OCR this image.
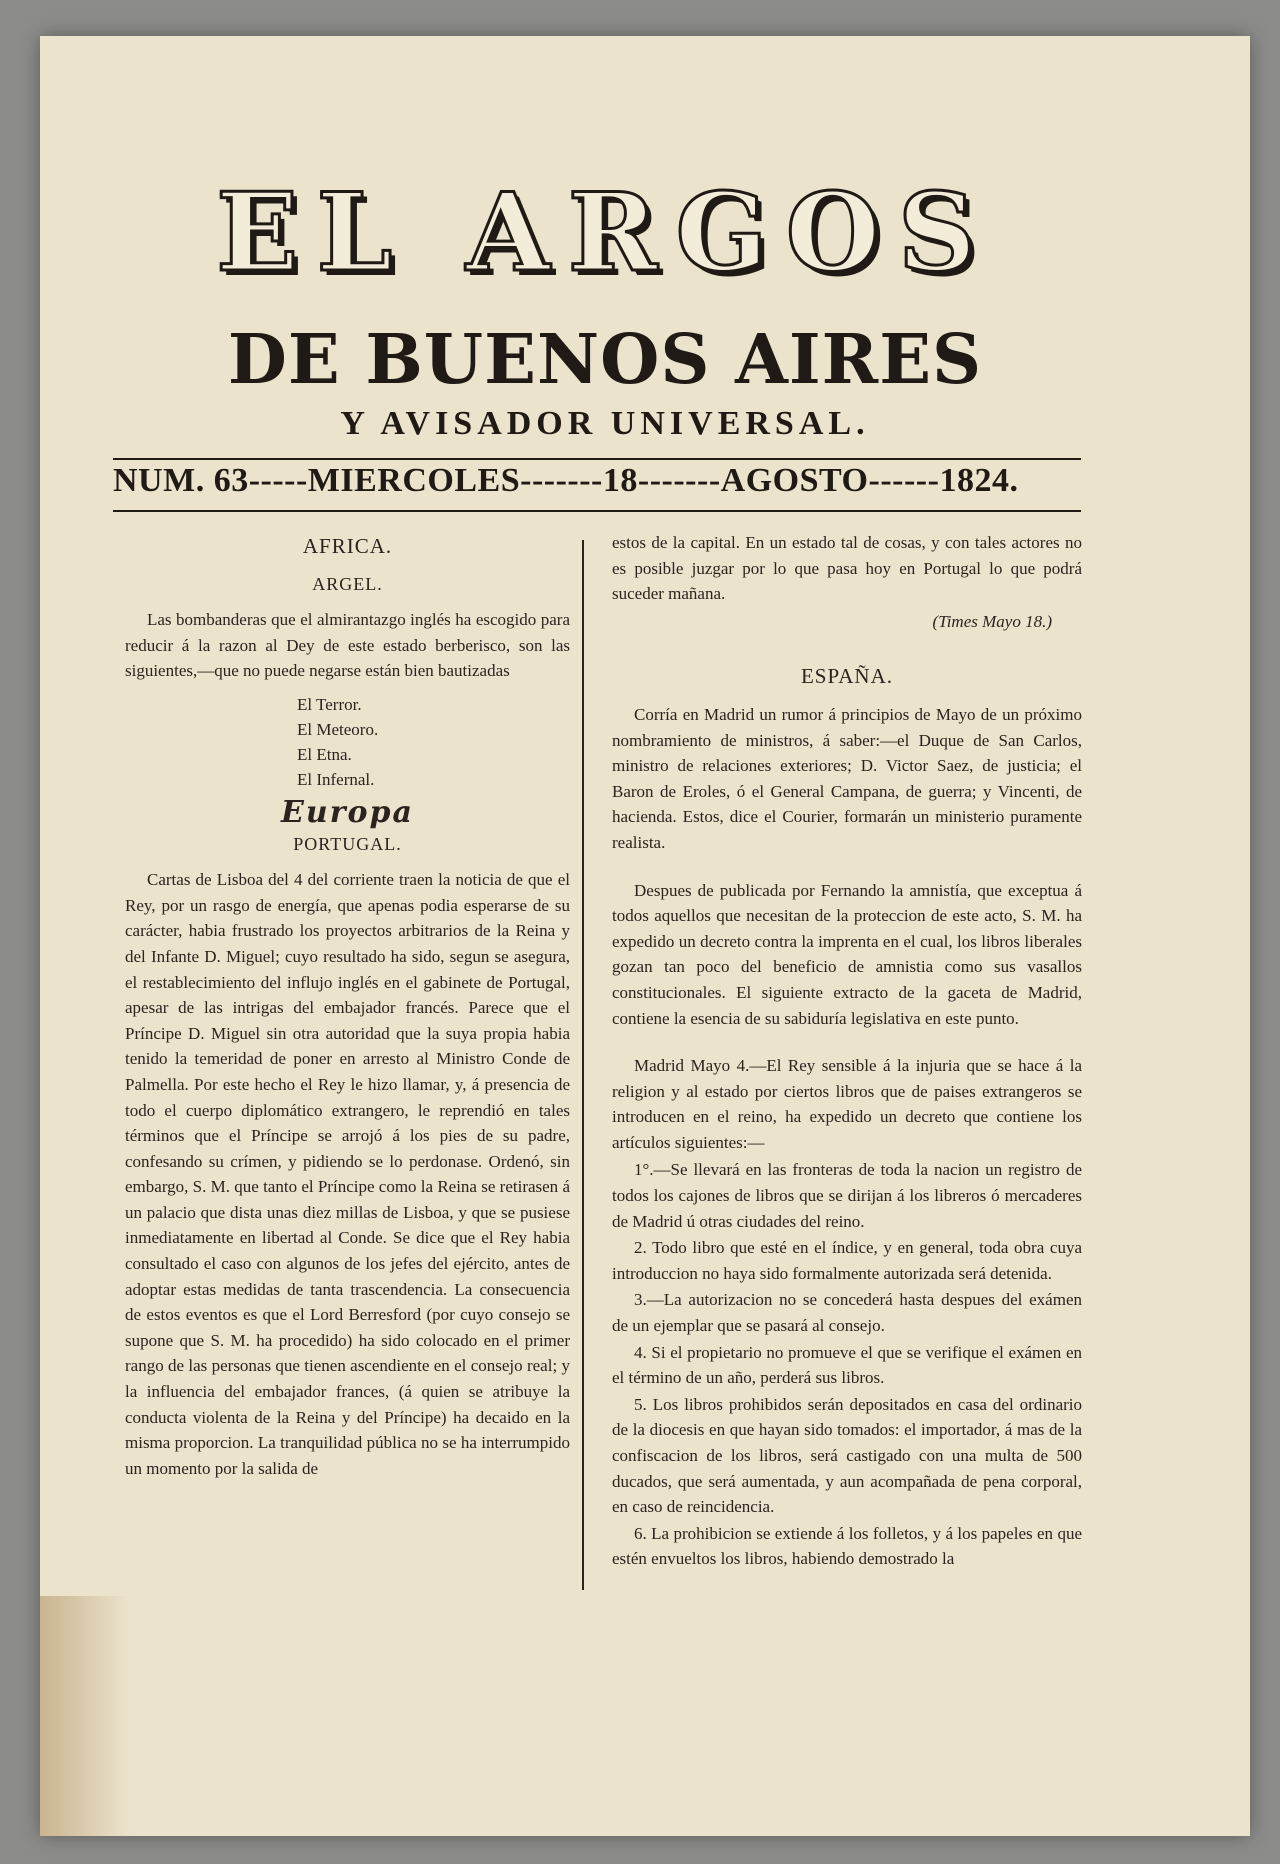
EL ARGOS
DE BUENOS AIRES
Y AVISADOR UNIVERSAL.
NUM. 63-----MIERCOLES-------18-------AGOSTO------1824.
AFRICA.
ARGEL.

Las bombanderas que el almirantazgo inglés ha escogido para reducir á la razon al Dey de este estado berberisco, son las siguientes,—que no puede negarse están bien bautizadas

El Terror.
El Meteoro.
El Etna.
El Infernal.
Europa
PORTUGAL.

Cartas de Lisboa del 4 del corriente traen la noticia de que el Rey, por un rasgo de energía, que apenas podia esperarse de su carácter, habia frustrado los proyectos arbitrarios de la Reina y del Infante D. Miguel; cuyo resultado ha sido, segun se asegura, el restablecimiento del influjo inglés en el gabinete de Portugal, apesar de las intrigas del embajador francés. Parece que el Príncipe D. Miguel sin otra autoridad que la suya propia habia tenido la temeridad de poner en arresto al Ministro Conde de Palmella. Por este hecho el Rey le hizo llamar, y, á presencia de todo el cuerpo diplomático extrangero, le reprendió en tales términos que el Príncipe se arrojó á los pies de su padre, confesando su crímen, y pidiendo se lo perdonase. Ordenó, sin embargo, S. M. que tanto el Príncipe como la Reina se retirasen á un palacio que dista unas diez millas de Lisboa, y que se pusiese inmediatamente en libertad al Conde. Se dice que el Rey habia consultado el caso con algunos de los jefes del ejército, antes de adoptar estas medidas de tanta trascendencia. La consecuencia de estos eventos es que el Lord Berresford (por cuyo consejo se supone que S. M. ha procedido) ha sido colocado en el primer rango de las personas que tienen ascendiente en el consejo real; y la influencia del embajador frances, (á quien se atribuye la conducta violenta de la Reina y del Príncipe) ha decaido en la misma proporcion. La tranquilidad pública no se ha interrumpido un momento por la salida de

estos de la capital. En un estado tal de cosas, y con tales actores no es posible juzgar por lo que pasa hoy en Portugal lo que podrá suceder mañana.

(Times Mayo 18.)
ESPAÑA.

Corría en Madrid un rumor á principios de Mayo de un próximo nombramiento de ministros, á saber:—el Duque de San Carlos, ministro de relaciones exteriores; D. Victor Saez, de justicia; el Baron de Eroles, ó el General Campana, de guerra; y Vincenti, de hacienda. Estos, dice el Courier, formarán un ministerio puramente realista.

Despues de publicada por Fernando la amnistía, que exceptua á todos aquellos que necesitan de la proteccion de este acto, S. M. ha expedido un decreto contra la imprenta en el cual, los libros liberales gozan tan poco del beneficio de amnistia como sus vasallos constitucionales. El siguiente extracto de la gaceta de Madrid, contiene la esencia de su sabiduría legislativa en este punto.

Madrid Mayo 4.—El Rey sensible á la injuria que se hace á la religion y al estado por ciertos libros que de paises extrangeros se introducen en el reino, ha expedido un decreto que contiene los artículos siguientes:—

1°.—Se llevará en las fronteras de toda la nacion un registro de todos los cajones de libros que se dirijan á los libreros ó mercaderes de Madrid ú otras ciudades del reino.
2. Todo libro que esté en el índice, y en general, toda obra cuya introduccion no haya sido formalmente autorizada será detenida.
3.—La autorizacion no se concederá hasta despues del exámen de un ejemplar que se pasará al consejo.
4. Si el propietario no promueve el que se verifique el exámen en el término de un año, perderá sus libros.
5. Los libros prohibidos serán depositados en casa del ordinario de la diocesis en que hayan sido tomados: el importador, á mas de la confiscacion de los libros, será castigado con una multa de 500 ducados, que será aumentada, y aun acompañada de pena corporal, en caso de reincidencia.
6. La prohibicion se extiende á los folletos, y á los papeles en que estén envueltos los libros, habiendo demostrado la
